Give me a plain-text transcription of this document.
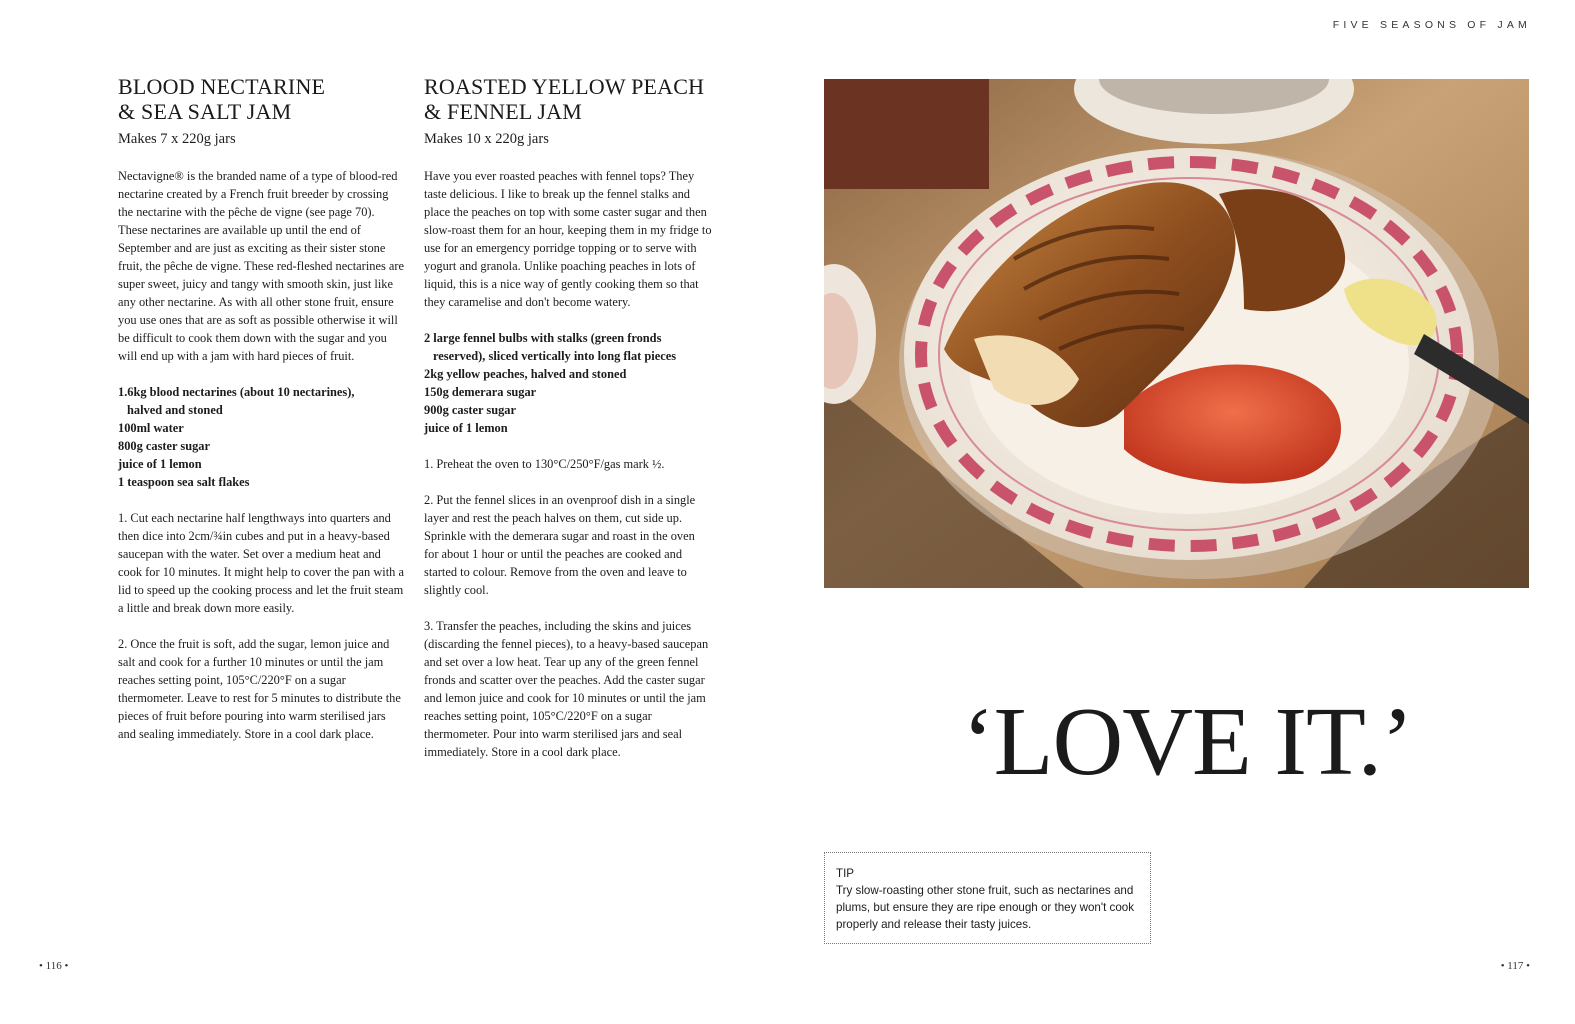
FIVE SEASONS OF JAM
BLOOD NECTARINE
& SEA SALT JAM

Makes 7 x 220g jars

Nectavigne® is the branded name of a type of blood-red nectarine created by a French fruit breeder by crossing the nectarine with the pêche de vigne (see page 70). These nectarines are available up until the end of September and are just as exciting as their sister stone fruit, the pêche de vigne. These red-fleshed nectarines are super sweet, juicy and tangy with smooth skin, just like any other nectarine. As with all other stone fruit, ensure you use ones that are as soft as possible otherwise it will be difficult to cook them down with the sugar and you will end up with a jam with hard pieces of fruit.

1.6kg blood nectarines (about 10 nectarines),
halved and stoned
100ml water
800g caster sugar
juice of 1 lemon
1 teaspoon sea salt flakes
1. Cut each nectarine half lengthways into quarters and then dice into 2cm/¾in cubes and put in a heavy-based saucepan with the water. Set over a medium heat and cook for 10 minutes. It might help to cover the pan with a lid to speed up the cooking process and let the fruit steam a little and break down more easily.
2. Once the fruit is soft, add the sugar, lemon juice and salt and cook for a further 10 minutes or until the jam reaches setting point, 105°C/220°F on a sugar thermometer. Leave to rest for 5 minutes to distribute the pieces of fruit before pouring into warm sterilised jars and sealing immediately. Store in a cool dark place.
ROASTED YELLOW PEACH
& FENNEL JAM

Makes 10 x 220g jars

Have you ever roasted peaches with fennel tops? They taste delicious. I like to break up the fennel stalks and place the peaches on top with some caster sugar and then slow-roast them for an hour, keeping them in my fridge to use for an emergency porridge topping or to serve with yogurt and granola. Unlike poaching peaches in lots of liquid, this is a nice way of gently cooking them so that they caramelise and don't become watery.

2 large fennel bulbs with stalks (green fronds
reserved), sliced vertically into long flat pieces
2kg yellow peaches, halved and stoned
150g demerara sugar
900g caster sugar
juice of 1 lemon
1. Preheat the oven to 130°C/250°F/gas mark ½.
2. Put the fennel slices in an ovenproof dish in a single layer and rest the peach halves on them, cut side up. Sprinkle with the demerara sugar and roast in the oven for about 1 hour or until the peaches are cooked and started to colour. Remove from the oven and leave to slightly cool.
3. Transfer the peaches, including the skins and juices (discarding the fennel pieces), to a heavy-based saucepan and set over a low heat. Tear up any of the green fennel fronds and scatter over the peaches. Add the caster sugar and lemon juice and cook for 10 minutes or until the jam reaches setting point, 105°C/220°F on a sugar thermometer. Pour into warm sterilised jars and seal immediately. Store in a cool dark place.	‘LOVE IT.’
TIP
Try slow-roasting other stone fruit, such as nectarines and plums, but ensure they are ripe enough or they won't cook properly and release their tasty juices.
• 116 •	• 117 •
